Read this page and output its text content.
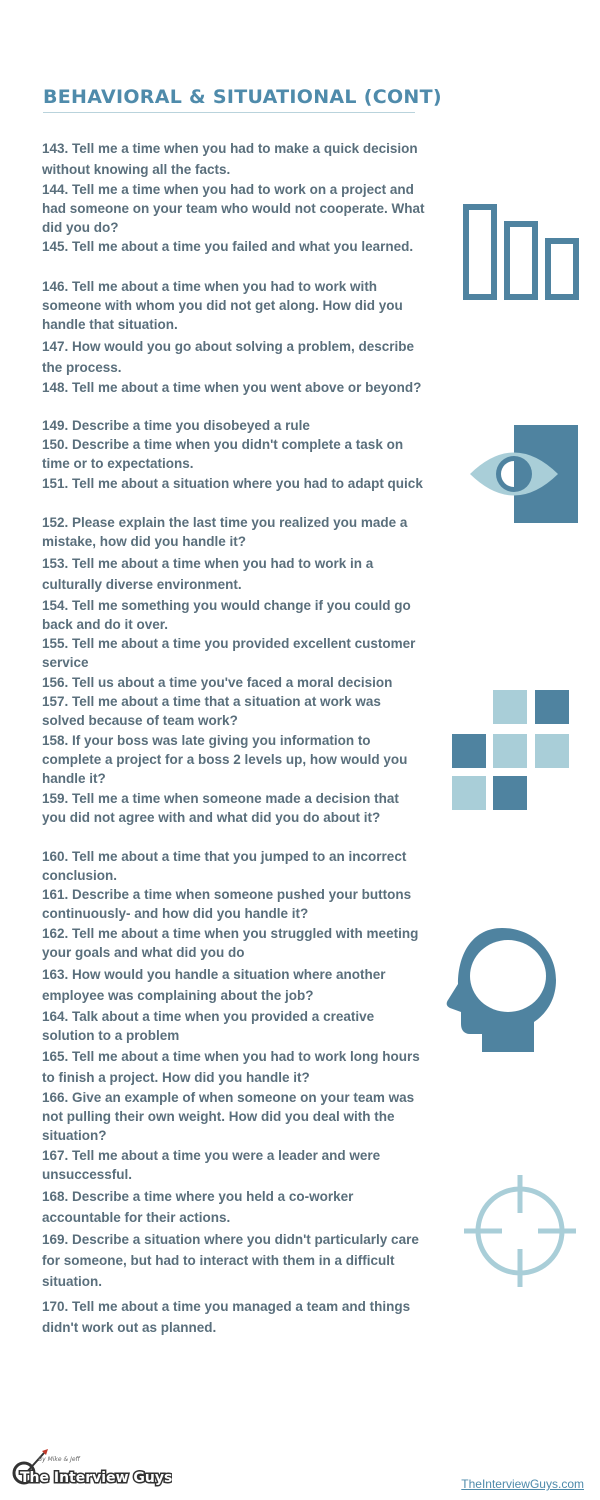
BEHAVIORAL & SITUATIONAL (CONT)

143. Tell me a time when you had to make a quick decision without knowing all the facts.

144. Tell me a time when you had to work on a project and had someone on your team who would not cooperate. What did you do?

145. Tell me about a time you failed and what you learned.

146. Tell me about a time when you had to work with someone with whom you did not get along. How did you handle that situation.

147. How would you go about solving a problem, describe the process.

148. Tell me about a time when you went above or beyond?

149. Describe a time you disobeyed a rule

150. Describe a time when you didn't complete a task on time or to expectations.

151. Tell me about a situation where you had to adapt quick

152. Please explain the last time you realized you made a mistake, how did you handle it?

153. Tell me about a time when you had to work in a culturally diverse environment.

154. Tell me something you would change if you could go back and do it over.

155. Tell me about a time you provided excellent customer service

156. Tell us about a time you've faced a moral decision

157. Tell me about a time that a situation at work was solved because of team work?

158. If your boss was late giving you information to complete a project for a boss 2 levels up, how would you handle it?

159. Tell me a time when someone made a decision that you did not agree with and what did you do about it?

160. Tell me about a time that you jumped to an incorrect conclusion.

161. Describe a time when someone pushed your buttons continuously- and how did you handle it?

162. Tell me about a time when you struggled with meeting your goals and what did you do

163. How would you handle a situation where another employee was complaining about the job?

164. Talk about a time when you provided a creative solution to a problem

165. Tell me about a time when you had to work long hours to finish a project. How did you handle it?

166. Give an example of when someone on your team was not pulling their own weight. How did you deal with the situation?

167. Tell me about a time you were a leader and were unsuccessful.

168. Describe a time where you held a co-worker accountable for their actions.

169. Describe a situation where you didn't particularly care for someone, but had to interact with them in a difficult situation.

170. Tell me about a time you managed a team and things didn't work out as planned.

By Mike & Jeff
The Interview Guys	TheInterviewGuys.com
